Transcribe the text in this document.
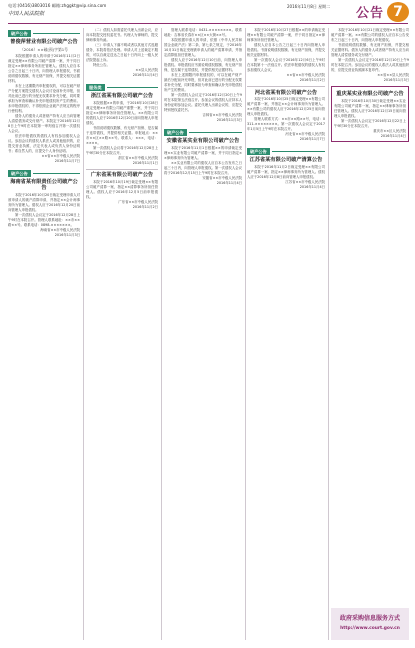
电话:(0416)3803016 邮箱:zhggkt@vip.sina.com
中国人民法院报
2016年11月8日 星期二 公告 7
破产公告
曾俊萍营业有限公司破产公告
（2016）××破(预)字第1号

本院根据申请人的申请于2016年11月2日裁定受理××有限公司破产清算一案，并于同日指定××律师事务所担任管理人。债权人应自本公告之日起三十日内，向管理人申报债权，书面说明债权数额、有无财产担保，并提交相关证据材料。

未在上述期限内申报债权的，可以在破产财产分配方案提交债权人会议讨论前补充申报，但对此前已进行的分配无权要求补充分配，同时要承担为审查和确认补充申报债权所产生的费用。未申报债权的，不得依照企业破产法规定的程序行使权利。

债务人的债务人或者财产持有人应当向管理人清偿债务或交付财产。本院定于2016年12月8日上午9时在本院第一审判庭召开第一次债权人会议。

依法申报债权的债权人有权参加债权人会议。参加会议的债权人系法人或其他组织的，应提交营业执照、法定代表人或负责人身份证明书；系自然人的，应提交个人身份证明。

××省××市中级人民法院
2016年11月7日
破产公告
海南省某有限责任公司破产公告

本院于2016年10月20日裁定受理申请人对被申请人的破产清算申请，并指定××会计师事务所为管理人。债权人应于2016年12月20日前向管理人申报债权。

第一次债权人会议定于2016年12月28日上午9时在本院召开。管理人联系地址：××市××路××号。联系电话：0898-×××××××。

海南省××市中级人民法院
2016年11月3日

（二）债权人如需委托代理人出席会议，应向本院提交授权委托书。代理人为律师的，提交律师事务所函。

（三）申请人下落不明或者以其他方式逃避债务，本院将依法处理。申请人对上述裁定不服的，可以自裁定送达之日起十日内向上一级人民法院提起上诉。

特此公告。

××县人民法院
2016年11月4日
服务类
浙江省某有限公司破产公告

本院根据××的申请，于2016年10月28日裁定受理××有限公司破产重整一案，并于同日指定××律师事务所担任管理人。××有限公司的债权人应于2016年12月20日前向管理人申报债权。

书面说明债权数额、有无财产担保、是否属于连带债权，并提供相关证据。申报地点：××市××区××路××号。联系人：×××，电话：××××。

第一次债权人会议将于2016年12月28日上午9时30分在本院召开。

浙江省××市中级人民法院
2016年11月1日
广东省某有限公司破产公告

本院于2016年10月19日裁定受理××有限公司破产清算一案，指定××清算事务所担任管理人。债权人应于2016年12月5日前申报债权。

广东省××市中级人民法院
2016年11月2日

管理人联系电话：0431-××××××××。联系地址：吉林省长春市××区××大街××号。

本院根据申请人的申请，依照《中华人民共和国企业破产法》第二条、第七条之规定，于2016年10月31日裁定受理被申请人的破产清算申请，并指定清算组担任管理人。

债权人应于2016年12月10日前，向管理人申报债权。申报债权应书面说明债权数额、有无财产担保、是否属于连带债权，并提供相关证据材料。

未在上述期限内申报债权的，可以在破产财产最后分配前补充申报，但对此前已进行的分配无权要求补充分配，同时要承担为审查和确认补充申报债权所产生的费用。

第一次债权人会议定于2016年12月20日上午9时在本院第五法庭召开。参加会议的债权人应持本人身份证明参加会议。委托代理人出席会议的，应提交特别授权委托书。

吉林省××市中级人民法院
2016年11月3日
破产公告
安徽省某实业有限公司破产公告

本院于2016年11月1日根据××的申请裁定受理××实业有限公司破产清算一案，并于同日指定××律师事务所为管理人。

××实业有限公司的债权人应自本公告发布之日起三十日内，向管理人申报债权。第一次债权人会议将于2016年12月15日上午9时在本院召开。

安徽省××市中级人民法院
2016年11月4日

本院于2016年10月27日根据××的申请裁定受理××有限公司破产清算一案，并于同日指定××律师事务所担任管理人。

债权人应自本公告之日起三十日内向管理人申报债权。书面说明债权数额、有无财产担保，并提交相关证据材料。

第一次债权人会议于2016年12月6日上午9时在本院第十一法庭召开。依法申报债权的债权人有权参加债权人会议。

××省××市中级人民法院
2016年11月2日
河北省某有限公司破产公告

本院于2016年10月25日裁定受理××有限公司破产清算一案，并指定××会计师事务所为管理人。××有限公司的债权人应于2016年12月25日前向管理人申报债权。

管理人联系方式：××市××路××号，电话：0311-××××××××。第一次债权人会议定于2017年1月5日上午9时在本院召开。

河北省××市中级人民法院
2016年11月7日
破产公告
江苏省某有限公司破产清算公告

本院于2016年11月2日裁定受理××有限公司破产清算一案，指定××律师事务所为管理人。债权人应于2016年12月8日前向管理人申报债权。

江苏省××市中级人民法院
2016年11月4日

本院于2016年10月21日裁定受理××有限公司破产清算一案。××有限公司的债权人应自本公告发布之日起三十日内，向管理人申报债权。

书面说明债权数额、有无财产担保，并提交相关证据材料。债务人的债务人或者财产持有人应当向管理人清偿债务或交付财产。

第一次债权人会议定于2016年12月10日上午9时在本院召开。参加会议的债权人系法人或其他组织的，应提交营业执照副本复印件。

××省××县人民法院
2016年11月3日
重庆某实业有限公司破产公告

本院于2016年10月30日裁定受理××实业有限公司破产清算一案，指定××律师事务所担任管理人。债权人应于2016年12月15日前向管理人申报债权。

第一次债权人会议定于2016年12月22日上午9时30分在本院召开。

重庆市××区人民法院
2016年11月4日
政府采购信息服务方式
http://www.court.gov.cn
